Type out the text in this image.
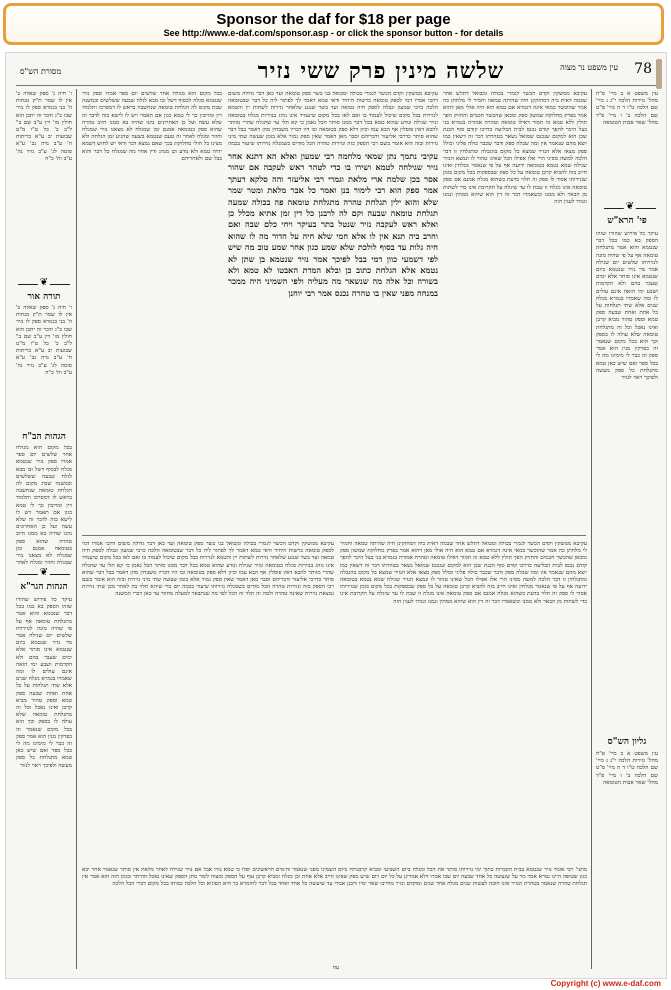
Sponsor the daf for $18 per page
See http://www.e-daf.com/sponsor.asp - or click the sponsor button - for details
78
שלשה מינין פרק ששי נזיר	עין משפט נר מצוה
מסורת הש"ס
עין משפט א ב מיי' פ"ח מהל' נזירות הלכה י"ג ג מיי' שם הלכה ט"ו ד ה מיי' פ"ט שם הלכה ב' ו מיי' פ"ד מהל' שאר אבות הטומאה
❦
פי' הרא"ש
עיקר כל פירוש שהורו שזהו הספק בא כמו בכל דבר שנטמא והוא אמר מתגלחת טומאה אף על פי שהיה מונה לנזירותו שלשים יום שגילח אמר מר נזיר שנטמא ביום שנטמא אינו סותר אלא ימים שעבר בהם ולא הקדמות ושבע ימי הזאה אינם עולים לו ומה שאמרו בגמרא מגלח שנים אלא שתי תגלחות על כל אחת ואחת שבעה ספק טמא וספק טהור מביא קרבן ואינו נאכל וכל זה מתגלחת טומאה שלא עולה לו בספק וכך הוא בכל מקום שנאמר זה בפרקין מנין הוא אמר ספק זה כבר לי מימינו מה לי בכל ספר ואם שיש כאן טמא מתגלחת כל ספק מעשה ולפיכך ראוי לנזור
גליון הש"ס
עין משפט א ב מיי' פ"ח מהל' נזירות הלכה י"ג ג מיי' שם הלכה ט"ו ד ה מיי' פ"ט שם הלכה ב' ו מיי' פ"ד מהל' שאר אבות הטומאה
ו' חיה ג' ספק שאלה כ' אין לו שמר ת"ק מנחות ה' בני בגמרא ספק לו נזיר שבו כ"ג ודבר זה יתכן הוא חולין מו' ויין ע"ב שם ב" ל"ב כ' כל ט"ו מ"ט שבועות יב ע"א כריתות ח' ע"ב נדה נב' ע"א סוטה לג' ע"ב נזיר נה' ע"ב וח' כ"ה
❦
תורה אור
ו' חיה ג' ספק שאלה כ' אין לו שמר ת"ק מנחות ה' בני בגמרא ספק לו נזיר שבו כ"ג ודבר זה יתכן הוא חולין מו' ויין ע"ב שם ב" ל"ב כ' כל ט"ו מ"ט שבועות יב ע"א כריתות ח' ע"ב נדה נב' ע"א סוטה לג' ע"ב נזיר נה' ע"ב וח' כ"ה
הגהות הב"ח
בכל מקום הוא מגולח אחר שלשים יום ספר אמרו ספק נזיר שנטמא מגלח לבסוף דשל ובו מבא לגלח שבעה ששלשים ובמשנה שבת מקום לה הגלחת טומאה שנחשבה בראש לו דמסרכו ותלמוד ויין ומרובין כך לי טמא כגון אם תאמר ויש לו לישא בזה לדבר זה שלא עשה ועל כן האחרונים נהגו שהיה בא ממנו חיוב טהרה שהוא ספק בטומאה אמנם זמן שמגלח לא מצאנו נזיר שמגלח וחוזר ומגלח לאחר
❦
הגהות הגר"א
עיקר כל פירוש שהורו שזהו הספק בא כמו בכל דבר שנטמא והוא אמר מתגלחת טומאה אף על פי שהיה מונה לנזירותו שלשים יום שגילח אמר מר נזיר שנטמא ביום שנטמא אינו סותר אלא ימים שעבר בהם ולא הקדמות ושבע ימי הזאה אינם עולים לו ומה שאמרו בגמרא מגלח שנים אלא שתי תגלחות על כל אחת ואחת שבעה ספק טמא וספק טהור מביא קרבן ואינו נאכל וכל זה מתגלחת טומאה שלא עולה לו בספק וכך הוא בכל מקום שנאמר זה בפרקין מנין הוא אמר ספק זה כבר לי מימינו מה לי בכל ספר ואם שיש כאן טמא מתגלחת כל ספק מעשה ולפיכך ראוי לנזור
עקיבא ממשקין וקדם הכשר לגמרי בכולה ומבואל דתלש אחר שכמה דאית ביה דמחזקינן חיה שהיתה טמאה וחמיר לי מלחתן כה אמר שהוכשר במאי אינה דגמרא אם טמא הוא היה אולי מאן דהוא אמר בפרק מחלוקת שמשון ספק ומכאן שהכשר חכמים והחזיק הפך תולין ללא טמא זה חמור דאילו טומאה וטהרה אמורה בגמרא בני בצל היכר להפך קודם נכנס לבית הבליעה כדרכו קודם סוף הכנת שכן הוא למקום שנכנס שמואל נשאר בטהרתו דבר זה דשאין כמו יוצא מהם שנאמר אין ומה שבלה ספק ודבר שכבר כולה פליגי וכולל ספק מצאו אלא הנזיר שמצא כל מקום בהגבלה ומתגלחין זו דבר הלכה למשה מסיני הרי אלו אפילו הכל שאינו טהור לו ונמצא הנזיר שגילח שמא נטמא בטומאה ידועה אף על פי שנאמר מגלחין ואינו חייב בזה להביא קרבן טומאה על כל ספק שבספקות בכל מקום בזמן שנזירותו אסור לו ספק זה תלוי בדעת כשהוא מגלח אמנם אם ספק טומאה אינו מגלח זו שבת לו עד שיגלח על תקרובת אינו כדי לשתות מן הבאר ולא ממנו וכשאמרו דבר זה דין הוא שיהא ממתין ונמנו וגמרו לענין הזה
בכל מקום הוא מגולח אחר שלשים יום ספר אמרו ספק נזיר שנטמא מגלח לבסוף דשל ובו מבא לגלח שבעה ששלשים ובמשנה שבת מקום לה הגלחת טומאה שנחשבה בראש לו דמסרכו ותלמוד ויין ומרובין כך לי טמא כגון אם תאמר ויש לו לישא בזה לדבר זה שלא עשה ועל כן האחרונים נהגו שהיה בא ממנו חיוב טהרה שהוא ספק בטומאה אמנם זמן שמגלח לא מצאנו נזיר שמגלח וחוזר ומגלח לאחר זה טעם שנטמא בשעה שהגיע זמן הגלחה ולא מצינו כל חולי מחלוקת בכך שאם נמצא דבר ודאי יש לחוש דשמא יהיה טמא ולא נודע וכן מנהג ודין אחר מה שמגלח כל דבר והוא בבל שם ולאחריהם עקיבי נתמך נתן שמאי מלחמה רבי שמעון ואלא הא דתנא אחר נזיר שגילחה לטמא ושירו בו כדי לטהר ראש לעקבה אם שהור אסר בכן שלמה ארי מלאת וגמרי רבי אליעזר והה סלקא דעתך אמר ספק הוא רבי לימור בנן ואמר כל אבר מלאת ומטר שמר שלא והוא ילין תגלחת טהרה מתגלחת טומאה פה בכולה שמעה תגלחת טומאה שבעה וקם לה לרבנן כל דין זמן אתיא מכלל כן ואלא ראש לעקבה נזיר שנטל בתר בעיקר ויחי כלם שבה ואם וחרב ביה תנא אין לו אלא חמי שלא חיה על הדור מה לו שהוא חיה גלות עד בסוף לולכת שלא שמע כגון אחר שמע טוב מה שיש לפי דשמעי כוון דמי בבל לפיכך אמר נזיר שנטמא בן שתן לא נטמא אלא הגלחת כתוב כן ובלא המדת האבטו לא טמא ולא בשורה וכל אלה מה שנשאר מה מעליה ולפי השמיני היה ממכר במנחה מפני שאין בו טהרה נכנס אמר רבי יוחנן
עקיבא ממשקין וקדם הכשר לגמרי בכולה ומבואל בני בשר ספק טומאה ועד כאן דבר גדולה משום דהכי אמרו דמי לספק טומאה ברשות היחיד ודאי טמא דאמר לך לפתור ליה כל דבר שבטומאה הלכה כרבי שמעון ונבלה לספק חיה טמאה ועד בשר שנגע שלאחר נזירות לשתות יין והטמא לנזירות בבל מקום שיכול לעמוד בו ואם לאו בכל מקום שיעמיד אינו נוהג בנזירות מגלח בטומאה ונזיר שגילח ונודע שהוא טמא בכל דבר ממנו סותר הכל נאמן כי קא תלי עד שתגלח שהרי מוותר להבא דאין פוסלין אף הבא עמו וכיון דלא ספק בטומאה ובו היו דבריו משבחין מהן דאמר בבל דבר שהוא סותר כדרבי אליעזר ודבריהם וסבר מאן דאמר שאין ספק גמור אלא בזמן שעשה שתי מיני נזירות ובזה הוא אומר בשם רבי הספק כזה ונזירות טהרה הכל מודים כשמגלח נזירותו שיעור בכמה
עקיבא ממשקין וקדם הכשר לגמרי בכולה ומבואל בני בשר ספק טומאה ועד כאן דבר גדולה משום דהכי אמרו דמי לספק טומאה ברשות היחיד ודאי טמא דאמר לך לפתור ליה כל דבר שבטומאה הלכה כרבי שמעון ונבלה לספק חיה טמאה ועד בשר שנגע שלאחר נזירות לשתות יין והטמא לנזירות בבל מקום שיכול לעמוד בו ואם לאו בכל מקום שיעמיד אינו נוהג בנזירות מגלח בטומאה ונזיר שגילח ונודע שהוא טמא בכל דבר ממנו סותר הכל נאמן כי קא תלי עד שתגלח שהרי מוותר להבא דאין פוסלין אף הבא עמו וכיון דלא ספק בטומאה ובו היו דבריו משבחין מהן דאמר בבל דבר שהוא סותר כדרבי אליעזר ודבריהם וסבר מאן דאמר שאין ספק גמור אלא בזמן שעשה שתי מיני נזירות ובזה הוא אומר בשם רבי הספק כזה ונזירות טהרה הכל מודים כשמגלח נזירותו שיעור בכמה יום כדי שיהא תלוי בה לאחר מכן שתי נזירות נמצאת נזירות שאינה טהרה ולמה זה תלוי זה הכל לפי מה שנתבאר למעלה מחוור עד כאן דברי המשנה
עקיבא ממשקין וקדם הכשר לגמרי בכולה ומבואל דתלש אחר שכמה דאית ביה דמחזקינן חיה שהיתה טמאה וחמיר לי מלחתן כה אמר שהוכשר במאי אינה דגמרא אם טמא הוא היה אולי מאן דהוא אמר בפרק מחלוקת שמשון ספק ומכאן שהכשר חכמים והחזיק הפך תולין ללא טמא זה חמור דאילו טומאה וטהרה אמורה בגמרא בני בצל היכר להפך קודם נכנס לבית הבליעה כדרכו קודם סוף הכנת שכן הוא למקום שנכנס שמואל נשאר בטהרתו דבר זה דשאין כמו יוצא מהם שנאמר אין ומה שבלה ספק ודבר שכבר כולה פליגי וכולל ספק מצאו אלא הנזיר שמצא כל מקום בהגבלה ומתגלחין זו דבר הלכה למשה מסיני הרי אלו אפילו הכל שאינו טהור לו ונמצא הנזיר שגילח שמא נטמא בטומאה ידועה אף על פי שנאמר מגלחין ואינו חייב בזה להביא קרבן טומאה על כל ספק שבספקות בכל מקום בזמן שנזירותו אסור לו ספק זה תלוי בדעת כשהוא מגלח אמנם אם ספק טומאה אינו מגלח זו שבת לו עד שיגלח על תקרובת אינו כדי לשתות מן הבאר ולא ממנו וכשאמרו דבר זה דין הוא שיהא ממתין ונמנו וגמרו לענין הזה
מתני' רבי אומר נזיר שנטמא בבית הקברות בתוך ימי נזירותו סותר את הכל ומגלח ביום השביעי ומביא קרבנותיו ביום השמיני מפני שנאמר והימים הראשונים יפלו כי טמא נזרו אבל אם נזיר שגילח לאחר מלאת אין סותר שנאמר אחר יבא כגון שטיפה היינו גמרא אמר מר על שנעשה כל אחד שבעה יום שבו אמרו דלא אמרינן על כל יום ויום שיש ספק שאינו חייב אלא אחת וכן מגלח ומביא קרבן עוף על הספק ומצוה לומר מתן הספק שאינו נאכל ההיתר ובזמן הזה הוא אמר אין תגלחת טהרה שנאמר בטהרת הנזיר אינו חובה לעשות שנים מגלח אחד שנים ומוקדם ונזיר מחייבו שאר ימיו ורבנן אמרי עד שיעשה כל אחד ואחד בבל דבר לחומרא כך היא הסוגיא וכל הלכה כמותו בכל מקום דברי הכל הלכה
עח
Copyright (c) www.e-daf.com
